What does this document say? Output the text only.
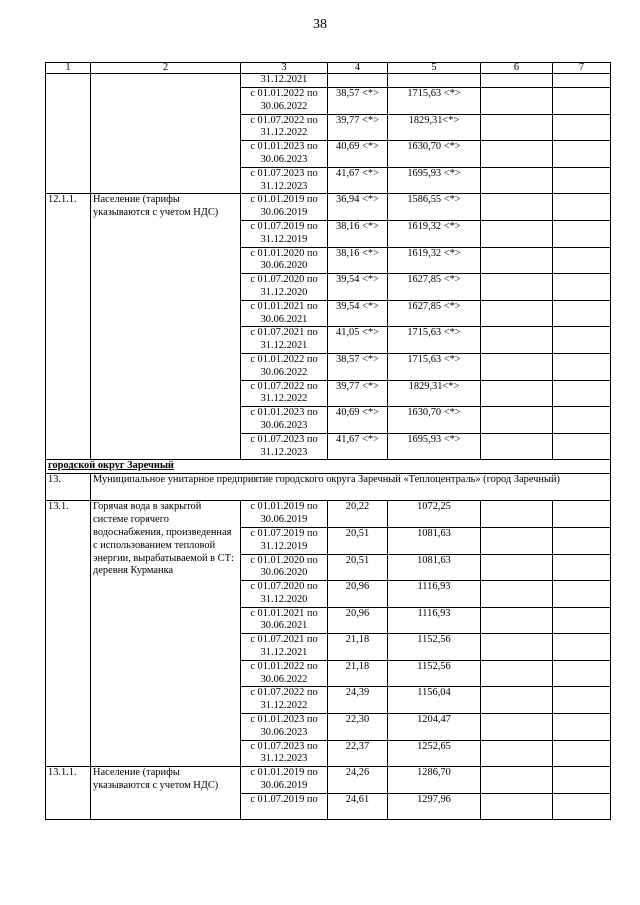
38
1	2	3	4	5	6	7
		31.12.2021				
		с 01.01.2022 по 30.06.2022	38,57 <*>	1715,63 <*>		
		с 01.07.2022 по 31.12.2022	39,77 <*>	1829,31<*>		
		с 01.01.2023 по 30.06.2023	40,69 <*>	1630,70 <*>		
		с 01.07.2023 по 31.12.2023	41,67 <*>	1695,93 <*>		
12.1.1.	Население (тарифы указываются с учетом НДС)	с 01.01.2019 по 30.06.2019	36,94 <*>	1586,55 <*>		
		с 01.07.2019 по 31.12.2019	38,16 <*>	1619,32 <*>		
		с 01.01.2020 по 30.06.2020	38,16 <*>	1619,32 <*>		
		с 01.07.2020 по 31.12.2020	39,54 <*>	1627,85 <*>		
		с 01.01.2021 по 30.06.2021	39,54 <*>	1627,85 <*>		
		с 01.07.2021 по 31.12.2021	41,05 <*>	1715,63 <*>		
		с 01.01.2022 по 30.06.2022	38,57 <*>	1715,63 <*>		
		с 01.07.2022 по 31.12.2022	39,77 <*>	1829,31<*>		
		с 01.01.2023 по 30.06.2023	40,69 <*>	1630,70 <*>		
		с 01.07.2023 по 31.12.2023	41,67 <*>	1695,93 <*>		
городской округ Заречный						
13.	Муниципальное унитарное предприятие городского округа Заречный «Теплоцентраль» (город Заречный)					
13.1.	Горячая вода в закрытой системе горячего водоснабжения, произведенная с использованием тепловой энергии, вырабатываемой в СТ: деревня Курманка	с 01.01.2019 по 30.06.2019	20,22	1072,25		
		с 01.07.2019 по 31.12.2019	20,51	1081,63		
		с 01.01.2020 по 30.06.2020	20,51	1081,63		
		с 01.07.2020 по 31.12.2020	20,96	1116,93		
		с 01.01.2021 по 30.06.2021	20,96	1116,93		
		с 01.07.2021 по 31.12.2021	21,18	1152,56		
		с 01.01.2022 по 30.06.2022	21,18	1152,56		
		с 01.07.2022 по 31.12.2022	24,39	1156,04		
		с 01.01.2023 по 30.06.2023	22,30	1204,47		
		с 01.07.2023 по 31.12.2023	22,37	1252,65		
13.1.1.	Население (тарифы указываются с учетом НДС)	с 01.01.2019 по 30.06.2019	24,26	1286,70		
		с 01.07.2019 по	24,61	1297,96		
